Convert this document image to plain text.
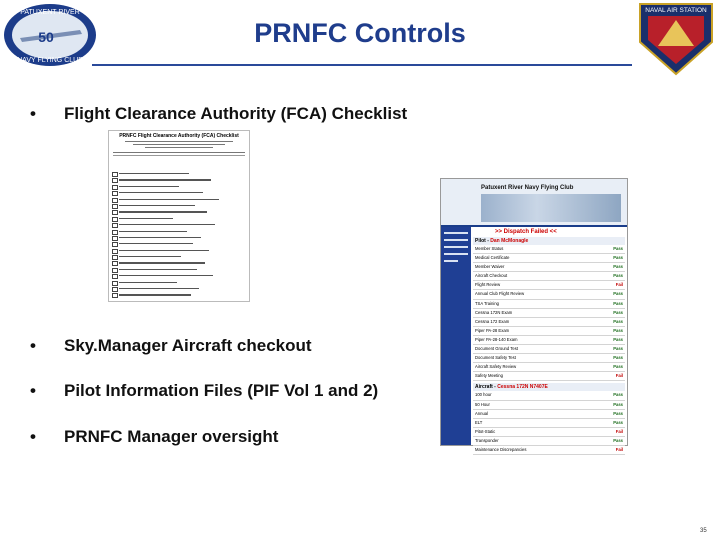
PATUXENT RIVER
NAVY FLYING CLUB
50
NAVAL AIR STATION
PRNFC Controls
• Flight Clearance Authority (FCA) Checklist
PRNFC Flight Clearance Authority (FCA) Checklist
Patuxent River Navy Flying Club
>> Dispatch Failed <<
Pilot - Dan McMonagle
Member Status	Pass
Medical Certificate	Pass
Member Waiver	Pass
Aircraft Checkout	Pass
Flight Review	Fail
Annual Club Flight Review	Pass
TSA Training	Pass
Cessna 172N Exam	Pass
Cessna 172 Exam	Pass
Piper PA-28 Exam	Pass
Piper PA-28-140 Exam	Pass
Document Ground Test	Pass
Document Safety Test	Pass
Aircraft Safety Review	Pass
Safety Meeting	Fail
Aircraft - Cessna 172N N7407E
100 hour	Pass
50 Hour	Pass
Annual	Pass
ELT	Pass
Pitot-Static	Fail
Transponder	Pass
Maintenance Discrepancies	Fail
• Sky.Manager Aircraft checkout
• Pilot Information Files (PIF Vol 1 and 2)
• PRNFC Manager oversight
35
